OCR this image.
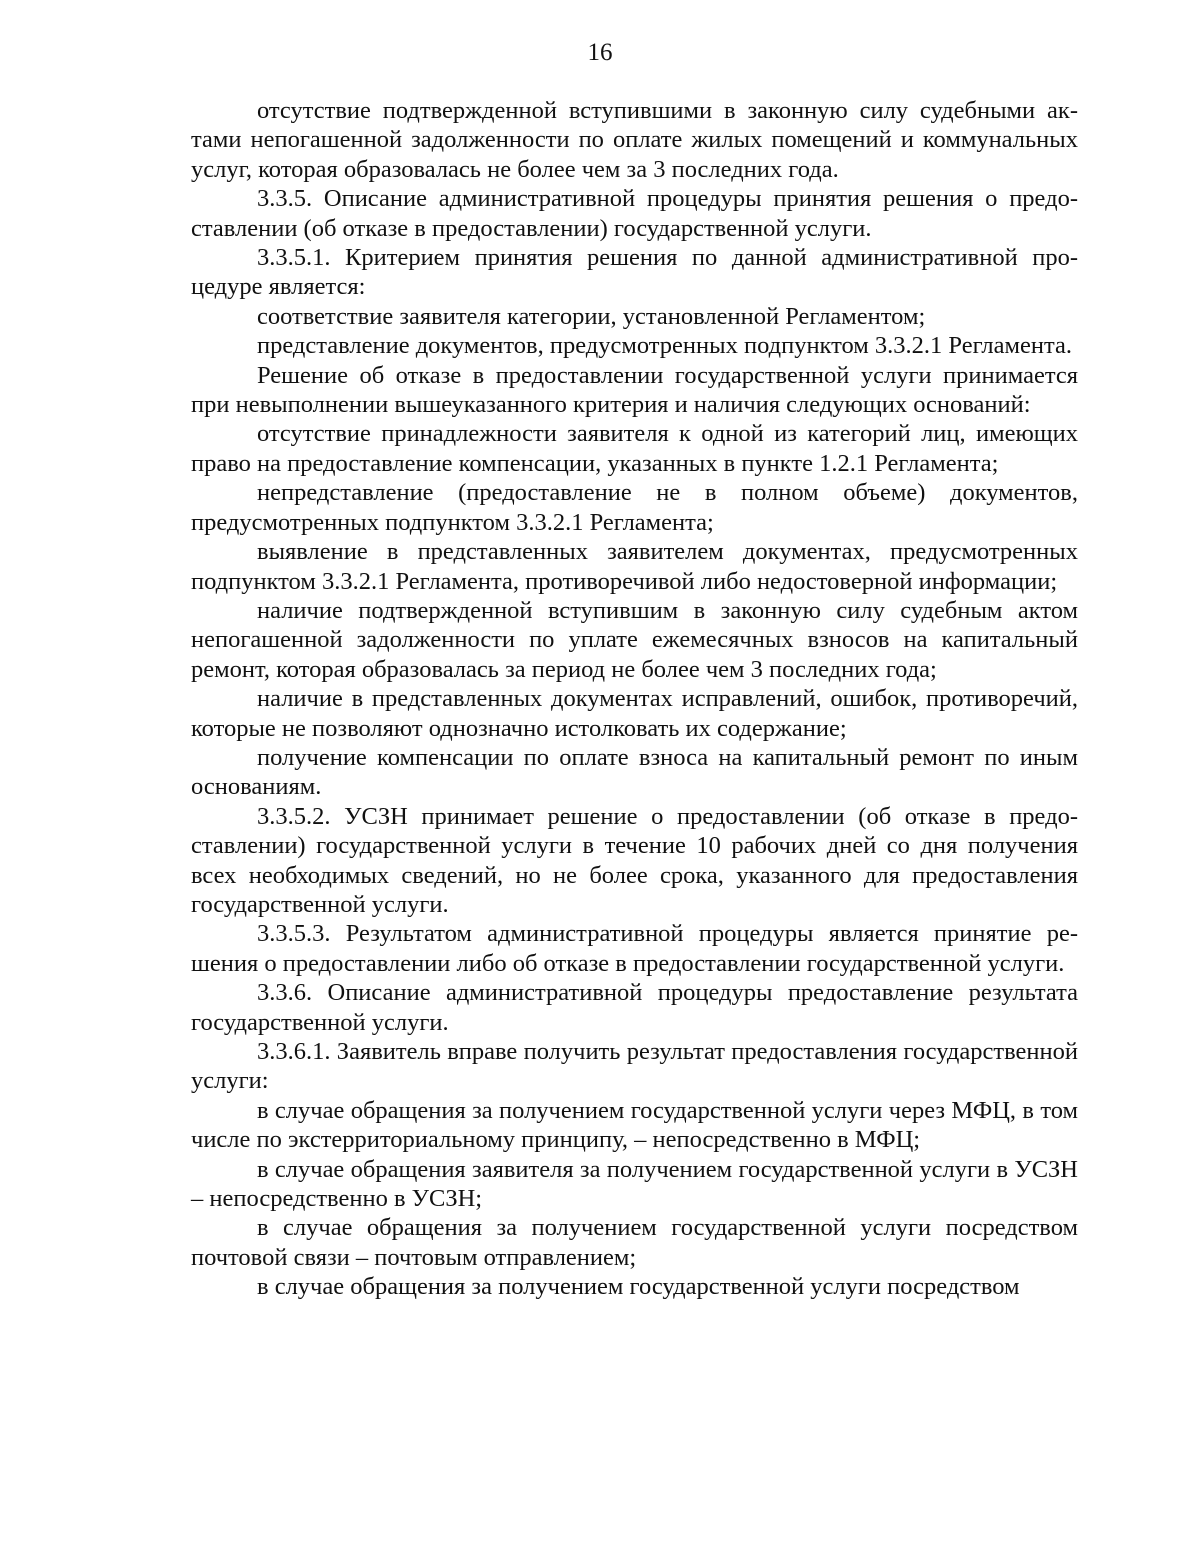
16

отсутствие подтвержденной вступившими в законную силу судебными актами непогашенной задолженности по оплате жилых помещений и коммунальных услуг, которая образовалась не более чем за 3 последних года.

3.3.5. Описание административной процедуры принятия решения о предоставлении (об отказе в предоставлении) государственной услуги.

3.3.5.1. Критерием принятия решения по данной административной процедуре является:

соответствие заявителя категории, установленной Регламентом;

представление документов, предусмотренных подпунктом 3.3.2.1 Регламента.

Решение об отказе в предоставлении государственной услуги принимается при невыполнении вышеуказанного критерия и наличия следующих оснований:

отсутствие принадлежности заявителя к одной из категорий лиц, имеющих право на предоставление компенсации, указанных в пункте 1.2.1 Регламента;

непредставление (предоставление не в полном объеме) документов, предусмотренных подпунктом 3.3.2.1 Регламента;

выявление в представленных заявителем документах, предусмотренных подпунктом 3.3.2.1 Регламента, противоречивой либо недостоверной информации;

наличие подтвержденной вступившим в законную силу судебным актом непогашенной задолженности по уплате ежемесячных взносов на капитальный ремонт, которая образовалась за период не более чем 3 последних года;

наличие в представленных документах исправлений, ошибок, противоречий, которые не позволяют однозначно истолковать их содержание;

получение компенсации по оплате взноса на капитальный ремонт по иным основаниям.

3.3.5.2. УСЗН принимает решение о предоставлении (об отказе в предоставлении) государственной услуги в течение 10 рабочих дней со дня получения всех необходимых сведений, но не более срока, указанного для предоставления государственной услуги.

3.3.5.3. Результатом административной процедуры является принятие решения о предоставлении либо об отказе в предоставлении государственной услуги.

3.3.6. Описание административной процедуры предоставление результата государственной услуги.

3.3.6.1. Заявитель вправе получить результат предоставления государственной услуги:

в случае обращения за получением государственной услуги через МФЦ, в том числе по экстерриториальному принципу, – непосредственно в МФЦ;

в случае обращения заявителя за получением государственной услуги в УСЗН – непосредственно в УСЗН;

в случае обращения за получением государственной услуги посредством почтовой связи – почтовым отправлением;

в случае обращения за получением государственной услуги посредством
